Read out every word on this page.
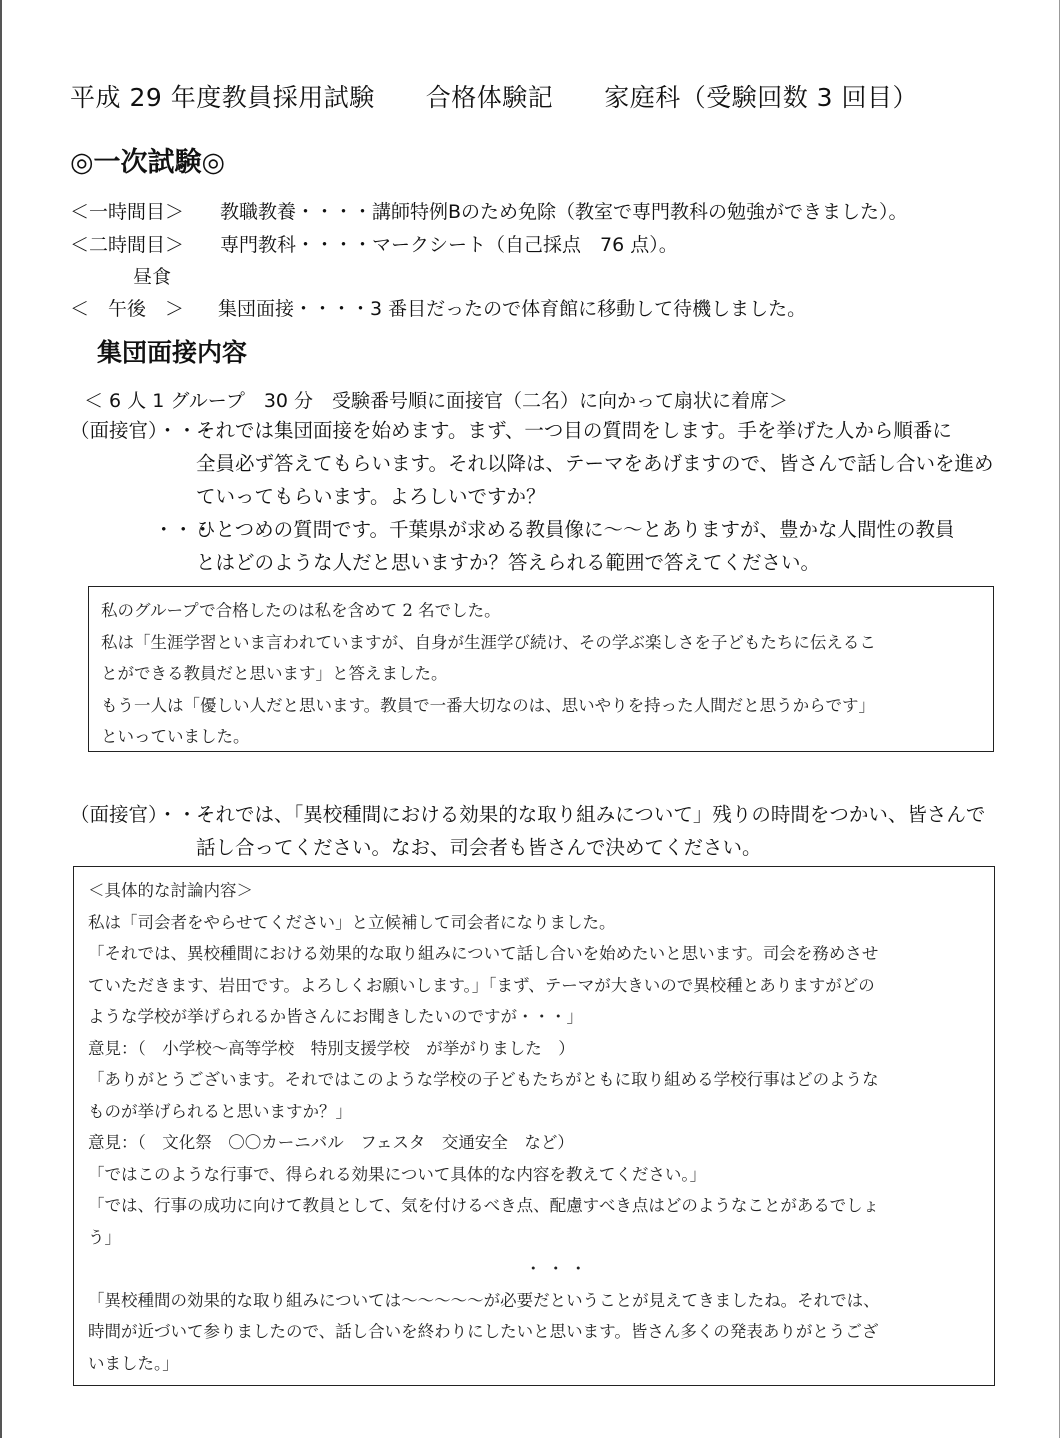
平成 29 年度教員採用試験　　合格体験記　　家庭科（受験回数 3 回目）
◎一次試験◎
＜一時間目＞ 教職教養・・・・講師特例Bのため免除（教室で専門教科の勉強ができました）。
＜二時間目＞ 専門教科・・・・マークシート（自己採点　76 点）。
昼食
＜　午後　＞ 集団面接・・・・3 番目だったので体育館に移動して待機しました。
集団面接内容
＜ 6 人 1 グループ　30 分　受験番号順に面接官（二名）に向かって扇状に着席＞
（面接官）・・・
それでは集団面接を始めます。まず、一つ目の質問をします。手を挙げた人から順番に
全員必ず答えてもらいます。それ以降は、テーマをあげますので、皆さんで話し合いを進め
ていってもらいます。よろしいですか？
・・・
ひとつめの質問です。千葉県が求める教員像に～～とありますが、豊かな人間性の教員
とはどのような人だと思いますか？答えられる範囲で答えてください。

私のグループで合格したのは私を含めて 2 名でした。

私は「生涯学習といま言われていますが、自身が生涯学び続け、その学ぶ楽しさを子どもたちに伝えるこ

とができる教員だと思います」と答えました。

もう一人は「優しい人だと思います。教員で一番大切なのは、思いやりを持った人間だと思うからです」

といっていました。

（面接官）・・・
それでは、「異校種間における効果的な取り組みについて」残りの時間をつかい、皆さんで
話し合ってください。なお、司会者も皆さんで決めてください。

＜具体的な討論内容＞

私は「司会者をやらせてください」と立候補して司会者になりました。

「それでは、異校種間における効果的な取り組みについて話し合いを始めたいと思います。司会を務めさせ

ていただきます、岩田です。よろしくお願いします。」「まず、テーマが大きいので異校種とありますがどの

ような学校が挙げられるか皆さんにお聞きしたいのですが・・・」

意見：（　小学校～高等学校　特別支援学校　が挙がりました　）

「ありがとうございます。それではこのような学校の子どもたちがともに取り組める学校行事はどのような

ものが挙げられると思いますか？」

意見：（　文化祭　〇〇カーニバル　フェスタ　交通安全　など）

「ではこのような行事で、得られる効果について具体的な内容を教えてください。」

「では、行事の成功に向けて教員として、気を付けるべき点、配慮すべき点はどのようなことがあるでしょ

う」

・・・

「異校種間の効果的な取り組みについては～～～～～が必要だということが見えてきましたね。それでは、

時間が近づいて参りましたので、話し合いを終わりにしたいと思います。皆さん多くの発表ありがとうござ

いました。」
